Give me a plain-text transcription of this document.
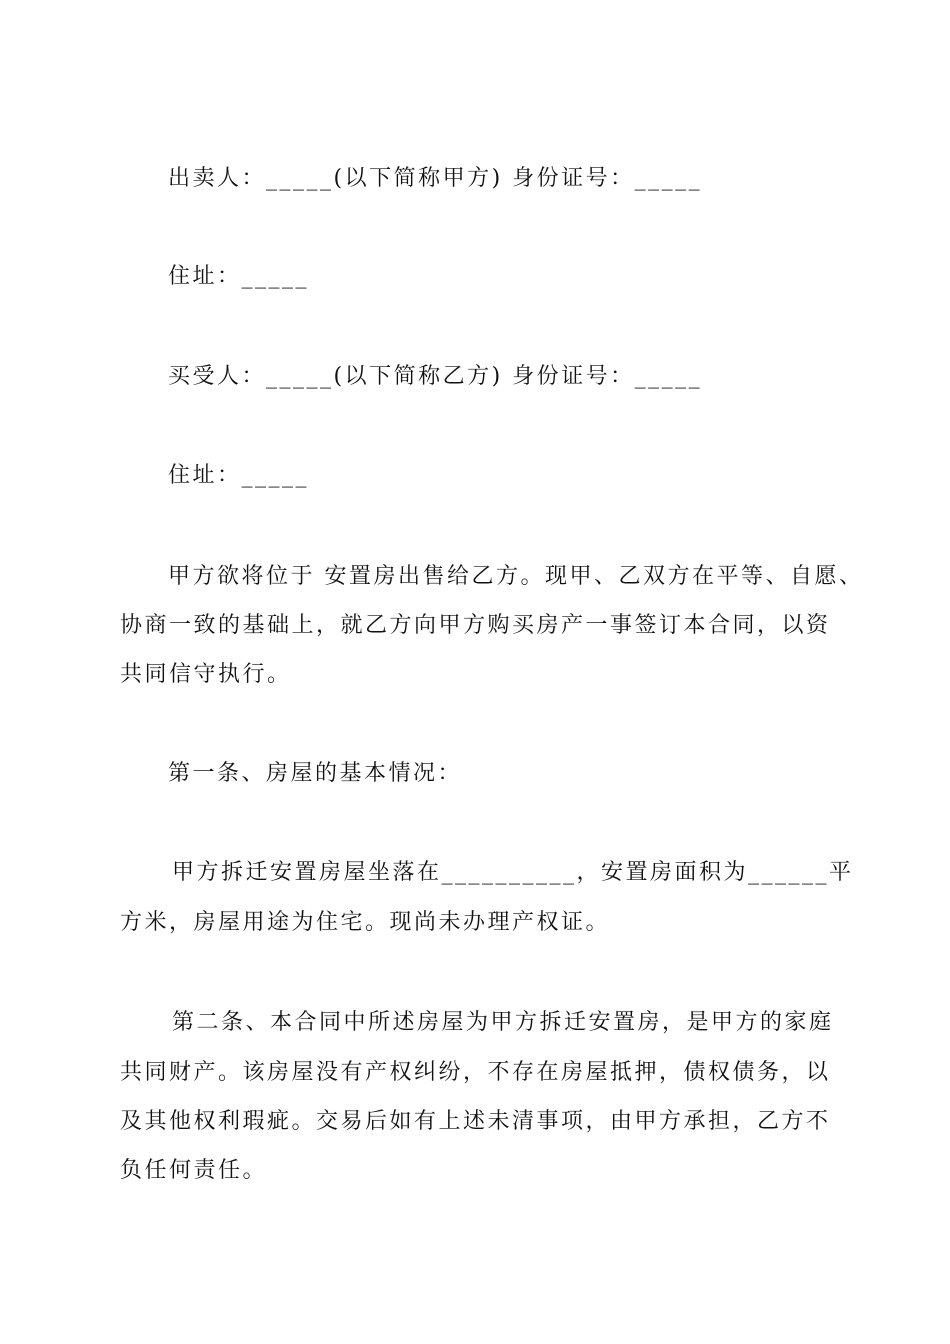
出卖人：_____(以下简称甲方) 身份证号：_____
住址：_____
买受人：_____(以下简称乙方) 身份证号：_____
住址：_____
甲方欲将位于 安置房出售给乙方。现甲、乙双方在平等、自愿、
协商一致的基础上，就乙方向甲方购买房产一事签订本合同，以资
共同信守执行。
第一条、房屋的基本情况：
甲方拆迁安置房屋坐落在__________，安置房面积为______平
方米，房屋用途为住宅。现尚未办理产权证。
第二条、本合同中所述房屋为甲方拆迁安置房，是甲方的家庭
共同财产。该房屋没有产权纠纷，不存在房屋抵押，债权债务，以
及其他权利瑕疵。交易后如有上述未清事项，由甲方承担，乙方不
负任何责任。
